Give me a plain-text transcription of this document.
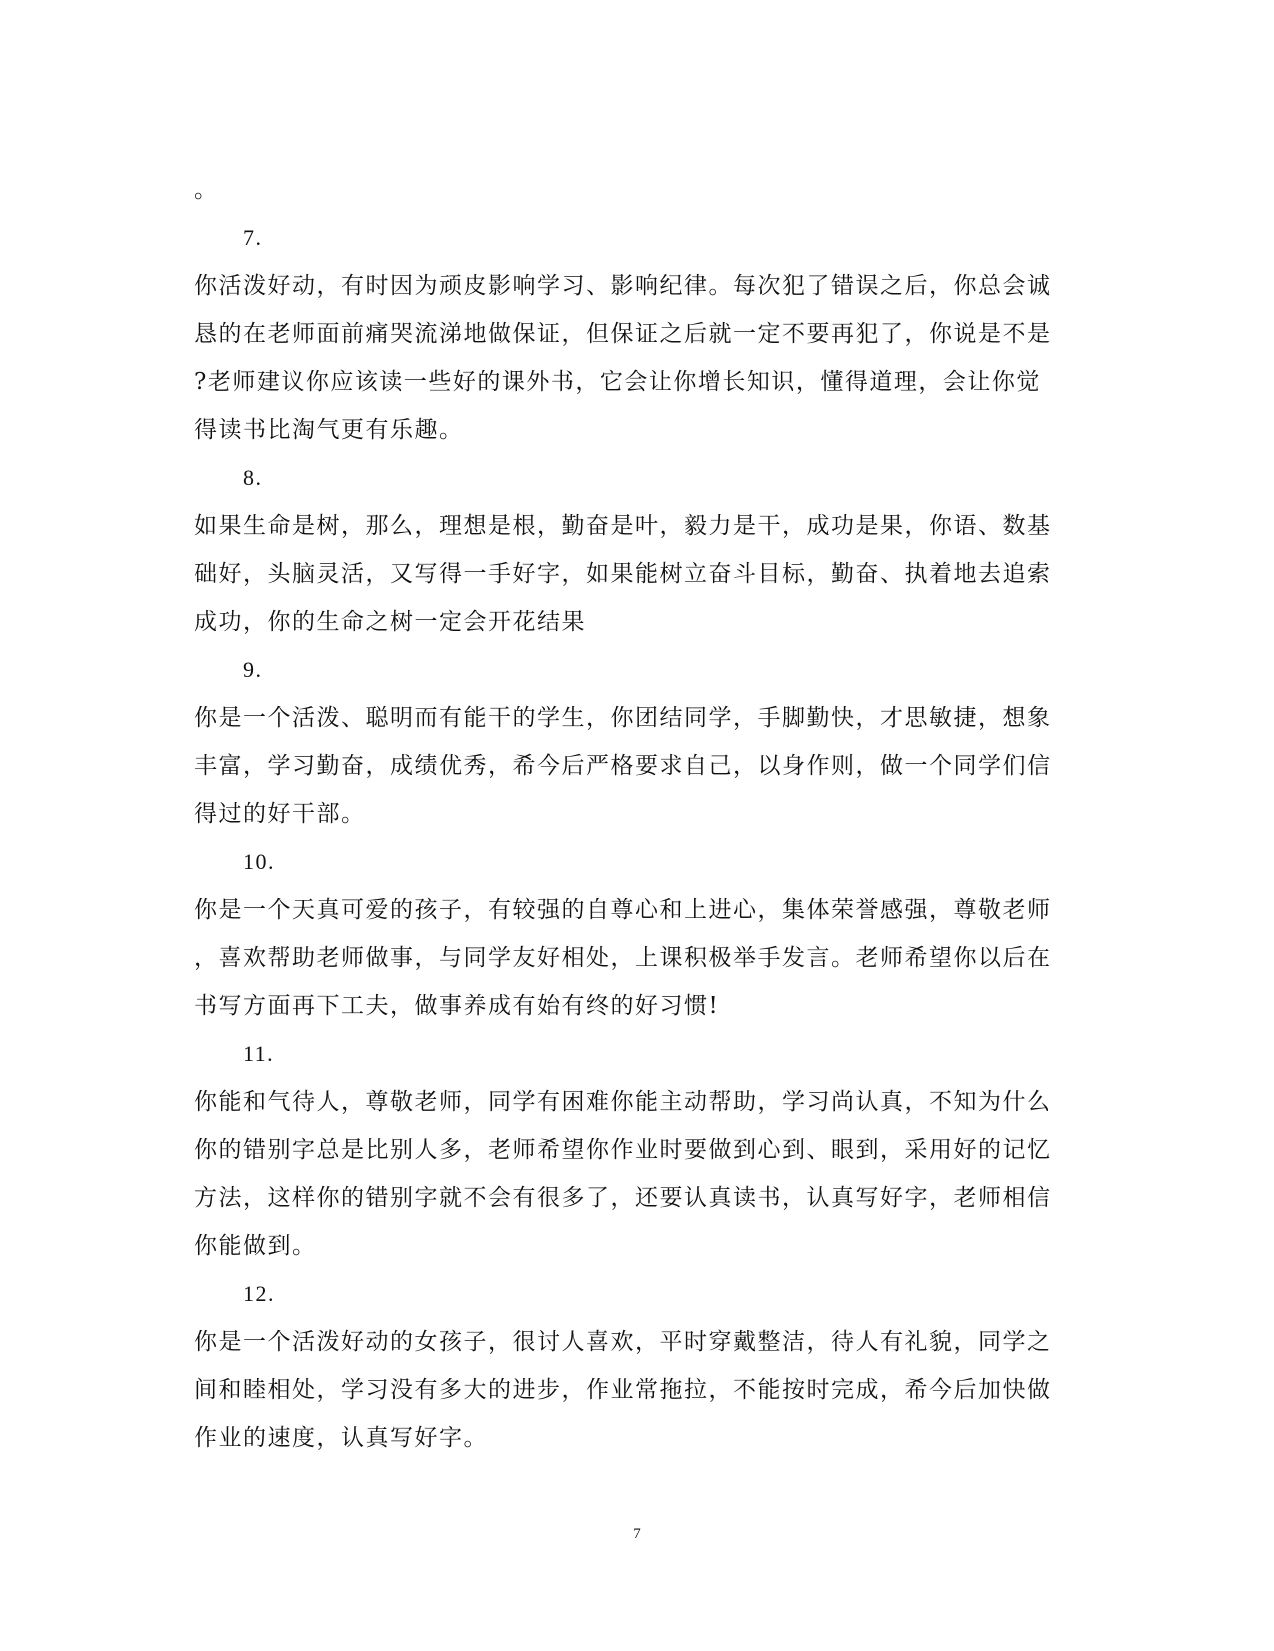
。
7.
你活泼好动，有时因为顽皮影响学习、影响纪律。每次犯了错误之后，你总会诚
恳的在老师面前痛哭流涕地做保证，但保证之后就一定不要再犯了，你说是不是
?老师建议你应该读一些好的课外书，它会让你增长知识，懂得道理，会让你觉
得读书比淘气更有乐趣。
8.
如果生命是树，那么，理想是根，勤奋是叶，毅力是干，成功是果，你语、数基
础好，头脑灵活，又写得一手好字，如果能树立奋斗目标，勤奋、执着地去追索
成功，你的生命之树一定会开花结果
9.
你是一个活泼、聪明而有能干的学生，你团结同学，手脚勤快，才思敏捷，想象
丰富，学习勤奋，成绩优秀，希今后严格要求自己，以身作则，做一个同学们信
得过的好干部。
10.
你是一个天真可爱的孩子，有较强的自尊心和上进心，集体荣誉感强，尊敬老师
，喜欢帮助老师做事，与同学友好相处，上课积极举手发言。老师希望你以后在
书写方面再下工夫，做事养成有始有终的好习惯!
11.
你能和气待人，尊敬老师，同学有困难你能主动帮助，学习尚认真，不知为什么
你的错别字总是比别人多，老师希望你作业时要做到心到、眼到，采用好的记忆
方法，这样你的错别字就不会有很多了，还要认真读书，认真写好字，老师相信
你能做到。
12.
你是一个活泼好动的女孩子，很讨人喜欢，平时穿戴整洁，待人有礼貌，同学之
间和睦相处，学习没有多大的进步，作业常拖拉，不能按时完成，希今后加快做
作业的速度，认真写好字。
7
